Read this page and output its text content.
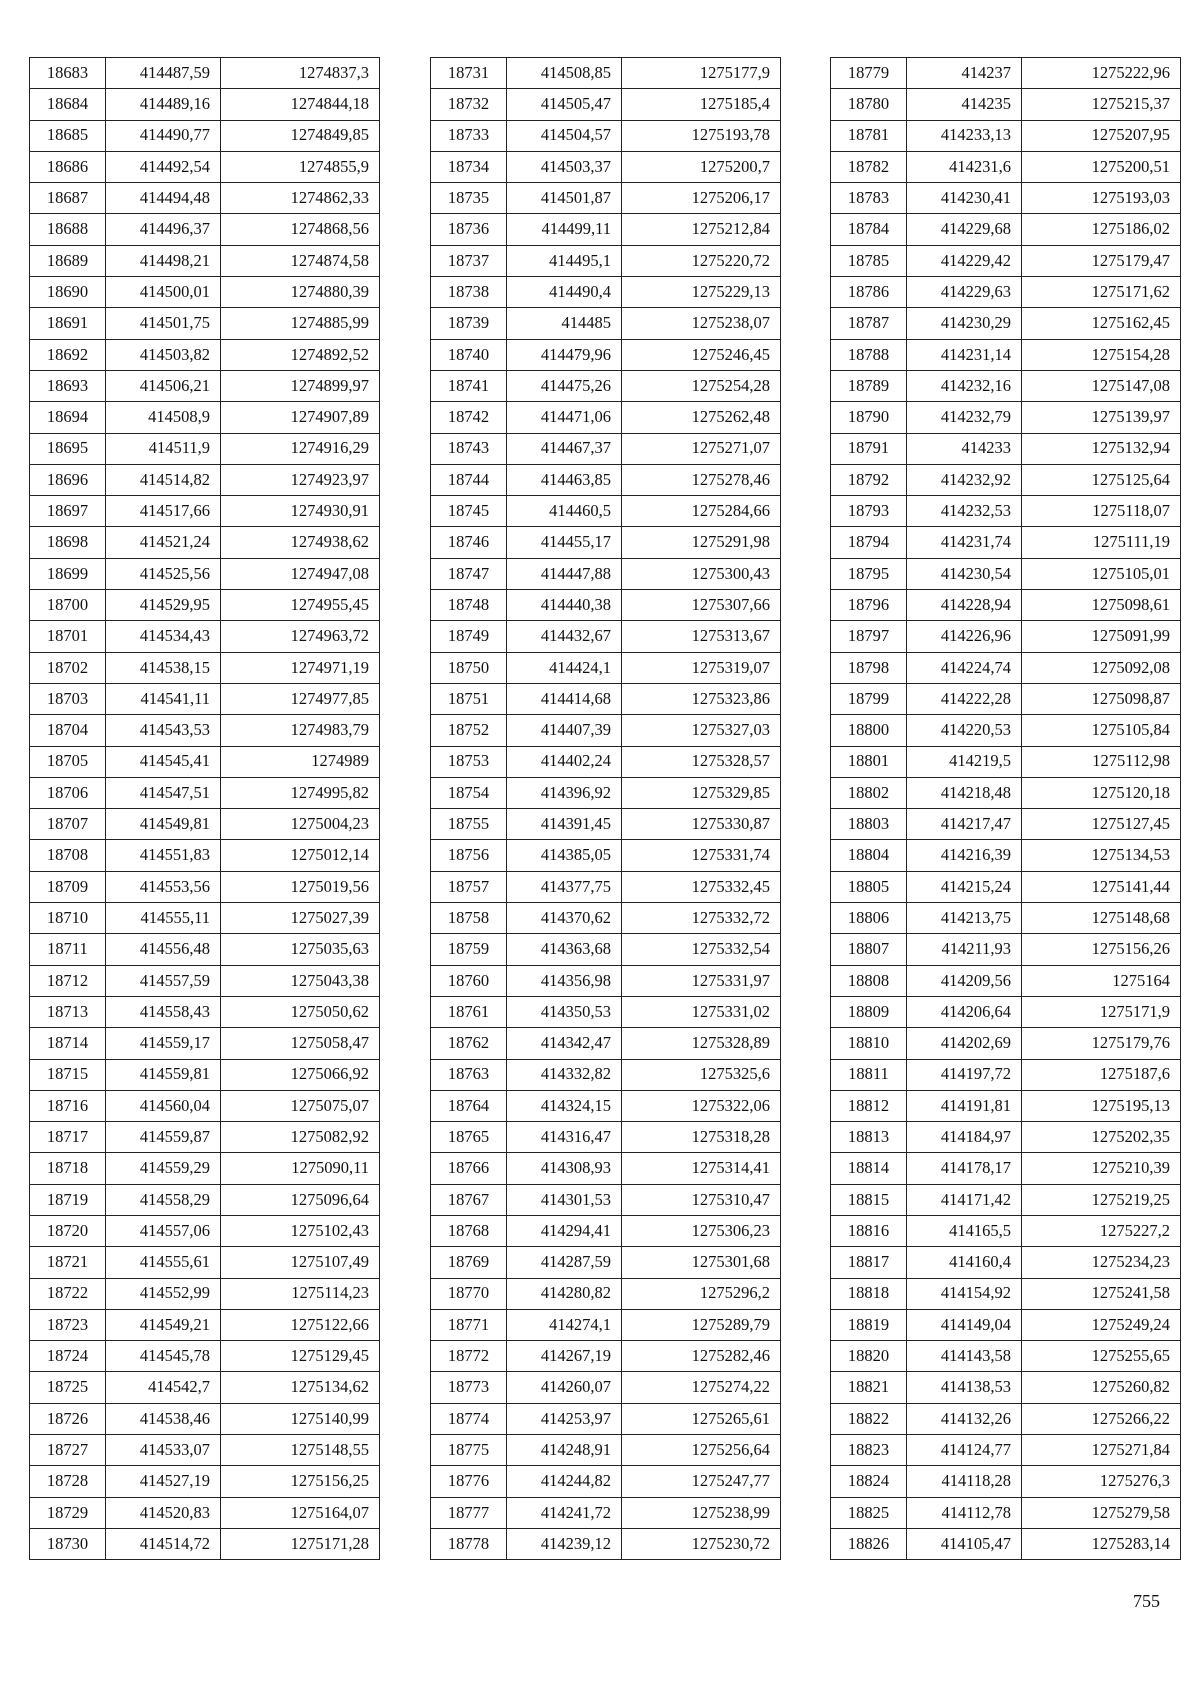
18683	414487,59	1274837,3
18684	414489,16	1274844,18
18685	414490,77	1274849,85
18686	414492,54	1274855,9
18687	414494,48	1274862,33
18688	414496,37	1274868,56
18689	414498,21	1274874,58
18690	414500,01	1274880,39
18691	414501,75	1274885,99
18692	414503,82	1274892,52
18693	414506,21	1274899,97
18694	414508,9	1274907,89
18695	414511,9	1274916,29
18696	414514,82	1274923,97
18697	414517,66	1274930,91
18698	414521,24	1274938,62
18699	414525,56	1274947,08
18700	414529,95	1274955,45
18701	414534,43	1274963,72
18702	414538,15	1274971,19
18703	414541,11	1274977,85
18704	414543,53	1274983,79
18705	414545,41	1274989
18706	414547,51	1274995,82
18707	414549,81	1275004,23
18708	414551,83	1275012,14
18709	414553,56	1275019,56
18710	414555,11	1275027,39
18711	414556,48	1275035,63
18712	414557,59	1275043,38
18713	414558,43	1275050,62
18714	414559,17	1275058,47
18715	414559,81	1275066,92
18716	414560,04	1275075,07
18717	414559,87	1275082,92
18718	414559,29	1275090,11
18719	414558,29	1275096,64
18720	414557,06	1275102,43
18721	414555,61	1275107,49
18722	414552,99	1275114,23
18723	414549,21	1275122,66
18724	414545,78	1275129,45
18725	414542,7	1275134,62
18726	414538,46	1275140,99
18727	414533,07	1275148,55
18728	414527,19	1275156,25
18729	414520,83	1275164,07
18730	414514,72	1275171,28
18731	414508,85	1275177,9
18732	414505,47	1275185,4
18733	414504,57	1275193,78
18734	414503,37	1275200,7
18735	414501,87	1275206,17
18736	414499,11	1275212,84
18737	414495,1	1275220,72
18738	414490,4	1275229,13
18739	414485	1275238,07
18740	414479,96	1275246,45
18741	414475,26	1275254,28
18742	414471,06	1275262,48
18743	414467,37	1275271,07
18744	414463,85	1275278,46
18745	414460,5	1275284,66
18746	414455,17	1275291,98
18747	414447,88	1275300,43
18748	414440,38	1275307,66
18749	414432,67	1275313,67
18750	414424,1	1275319,07
18751	414414,68	1275323,86
18752	414407,39	1275327,03
18753	414402,24	1275328,57
18754	414396,92	1275329,85
18755	414391,45	1275330,87
18756	414385,05	1275331,74
18757	414377,75	1275332,45
18758	414370,62	1275332,72
18759	414363,68	1275332,54
18760	414356,98	1275331,97
18761	414350,53	1275331,02
18762	414342,47	1275328,89
18763	414332,82	1275325,6
18764	414324,15	1275322,06
18765	414316,47	1275318,28
18766	414308,93	1275314,41
18767	414301,53	1275310,47
18768	414294,41	1275306,23
18769	414287,59	1275301,68
18770	414280,82	1275296,2
18771	414274,1	1275289,79
18772	414267,19	1275282,46
18773	414260,07	1275274,22
18774	414253,97	1275265,61
18775	414248,91	1275256,64
18776	414244,82	1275247,77
18777	414241,72	1275238,99
18778	414239,12	1275230,72
18779	414237	1275222,96
18780	414235	1275215,37
18781	414233,13	1275207,95
18782	414231,6	1275200,51
18783	414230,41	1275193,03
18784	414229,68	1275186,02
18785	414229,42	1275179,47
18786	414229,63	1275171,62
18787	414230,29	1275162,45
18788	414231,14	1275154,28
18789	414232,16	1275147,08
18790	414232,79	1275139,97
18791	414233	1275132,94
18792	414232,92	1275125,64
18793	414232,53	1275118,07
18794	414231,74	1275111,19
18795	414230,54	1275105,01
18796	414228,94	1275098,61
18797	414226,96	1275091,99
18798	414224,74	1275092,08
18799	414222,28	1275098,87
18800	414220,53	1275105,84
18801	414219,5	1275112,98
18802	414218,48	1275120,18
18803	414217,47	1275127,45
18804	414216,39	1275134,53
18805	414215,24	1275141,44
18806	414213,75	1275148,68
18807	414211,93	1275156,26
18808	414209,56	1275164
18809	414206,64	1275171,9
18810	414202,69	1275179,76
18811	414197,72	1275187,6
18812	414191,81	1275195,13
18813	414184,97	1275202,35
18814	414178,17	1275210,39
18815	414171,42	1275219,25
18816	414165,5	1275227,2
18817	414160,4	1275234,23
18818	414154,92	1275241,58
18819	414149,04	1275249,24
18820	414143,58	1275255,65
18821	414138,53	1275260,82
18822	414132,26	1275266,22
18823	414124,77	1275271,84
18824	414118,28	1275276,3
18825	414112,78	1275279,58
18826	414105,47	1275283,14
755
